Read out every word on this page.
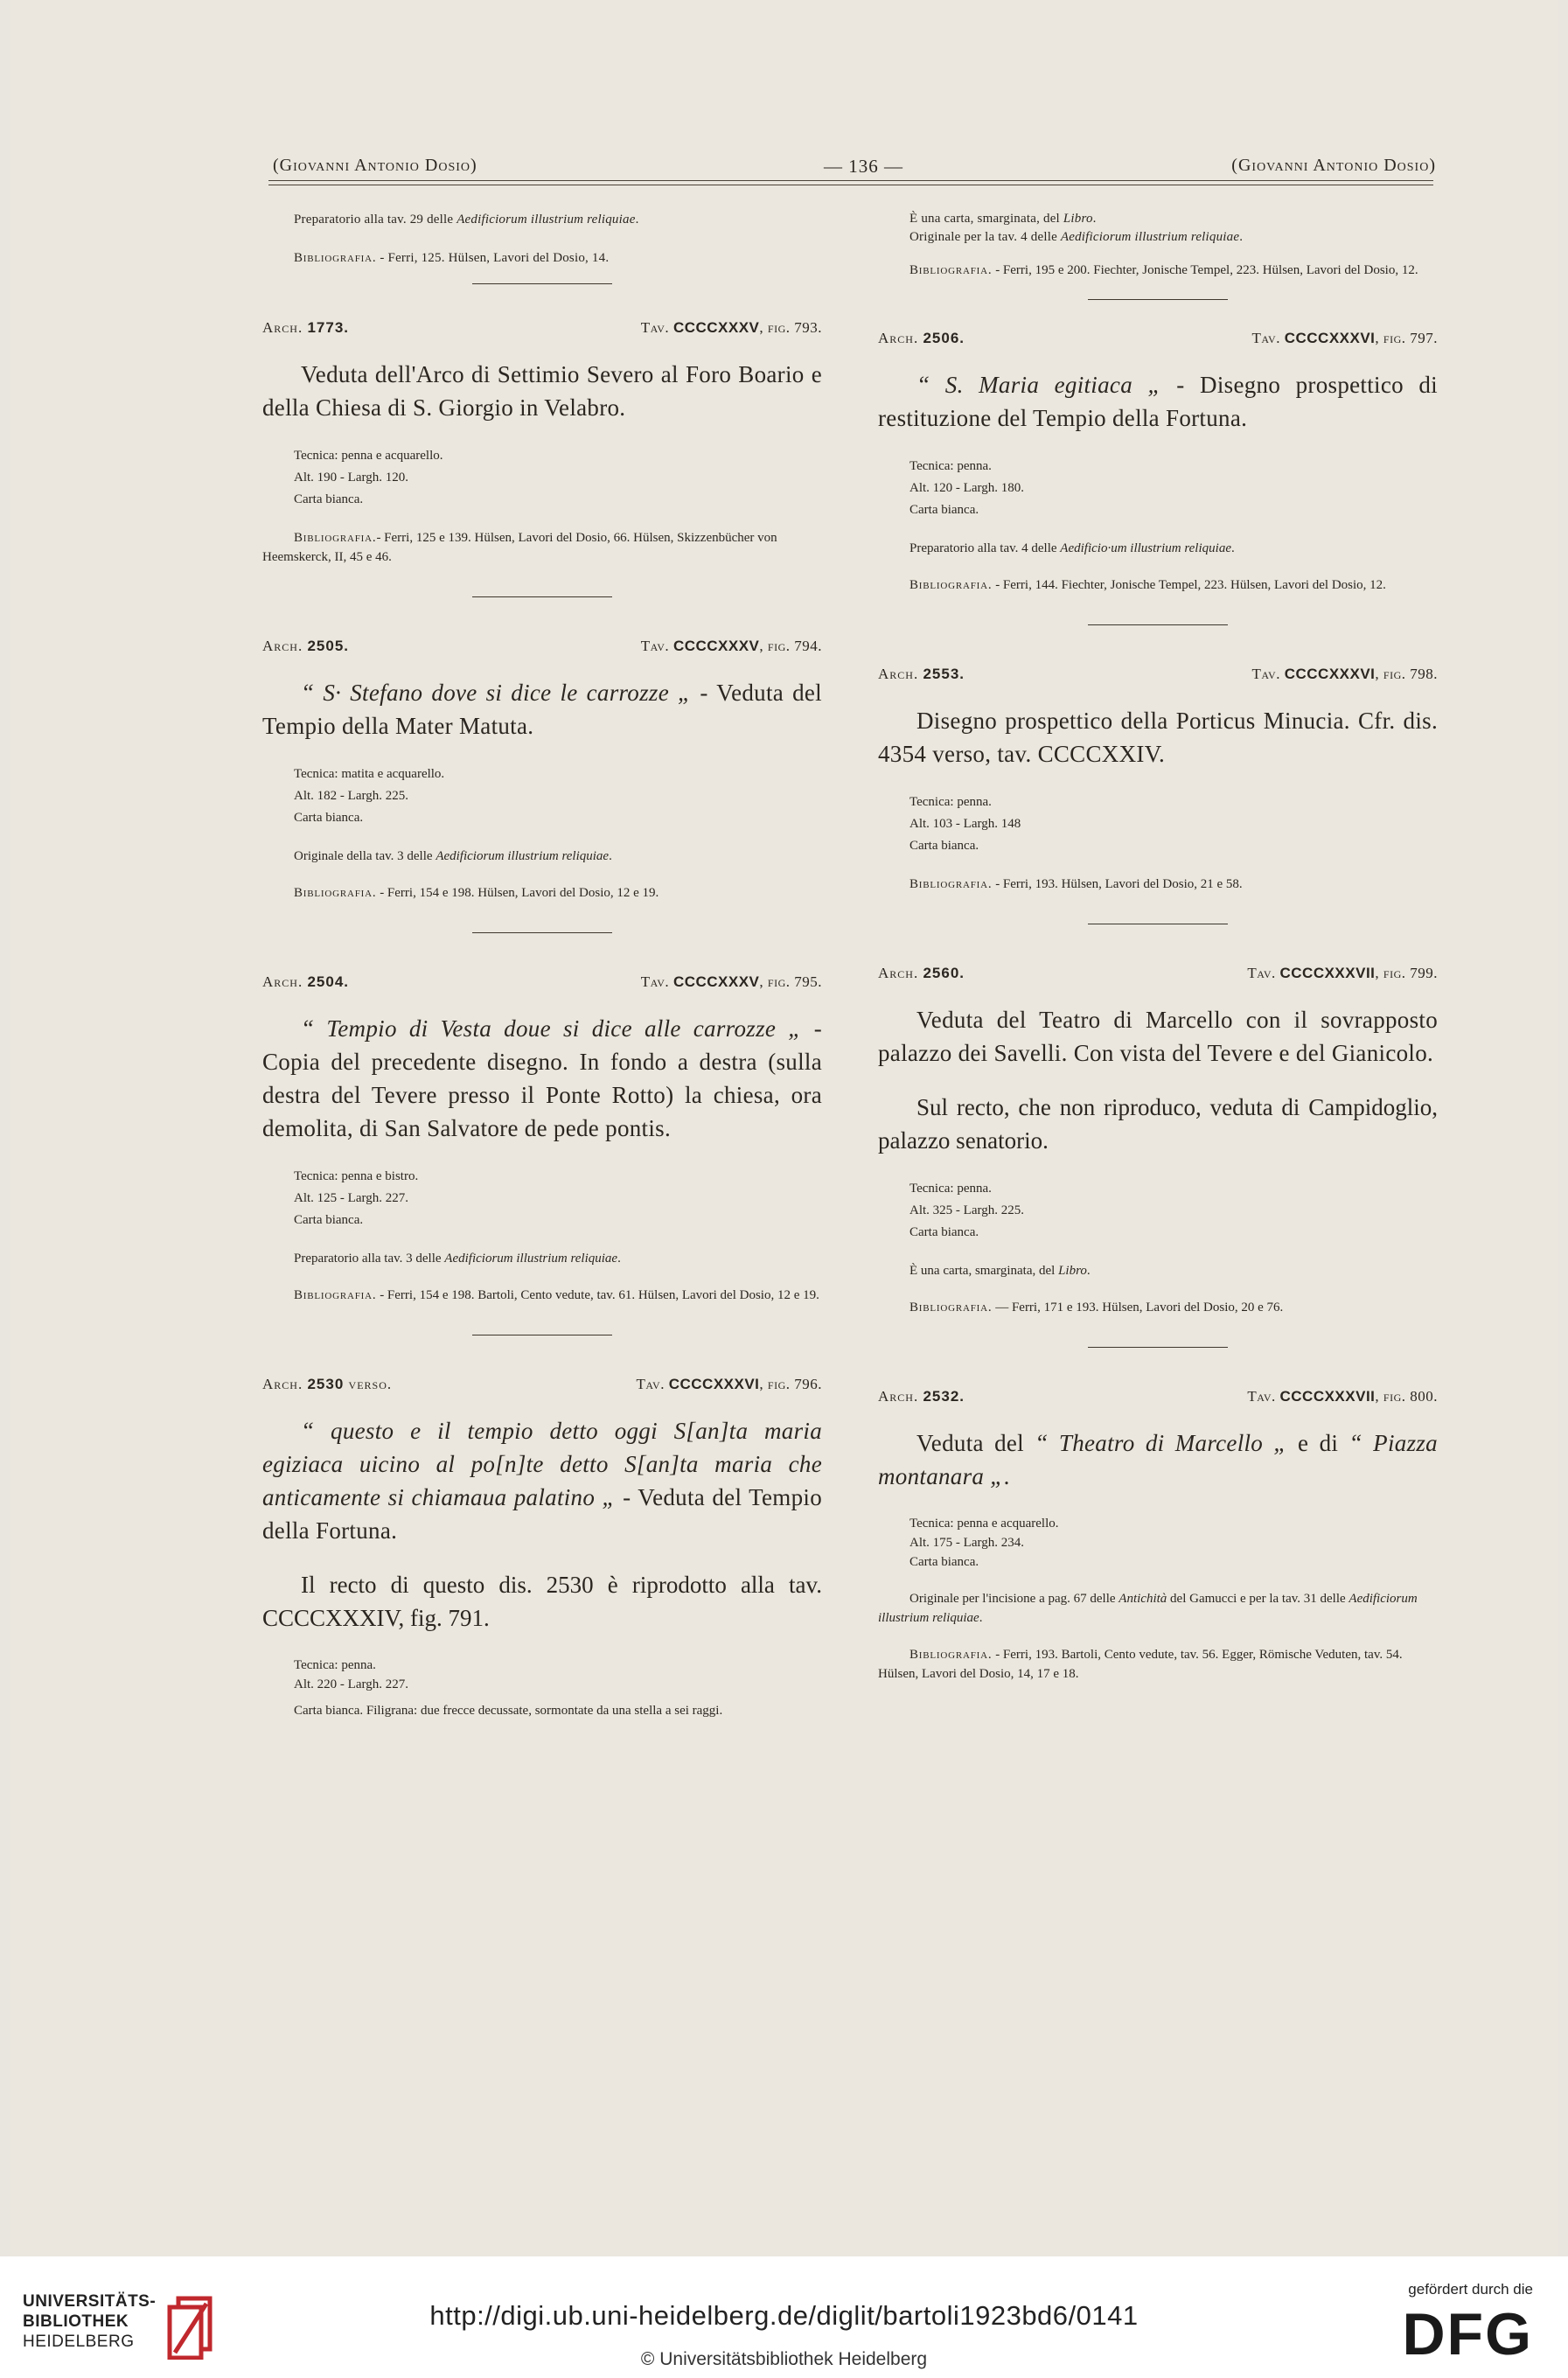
(Giovanni Antonio Dosio)	— 136 —	(Giovanni Antonio Dosio)
Preparatorio alla tav. 29 delle Aedificiorum illustrium reliquiae.
Bibliografia. - Ferri, 125. Hülsen, Lavori del Dosio, 14.
Arch. 1773.	Tav. CCCCXXXV, fig. 793.
Veduta dell'Arco di Settimio Severo al Foro Boario e della Chiesa di S. Giorgio in Velabro.
Tecnica: penna e acquarello.
Alt. 190 - Largh. 120.
Carta bianca.
Bibliografia.- Ferri, 125 e 139. Hülsen, Lavori del Dosio, 66. Hülsen, Skizzenbücher von Heemskerck, II, 45 e 46.
Arch. 2505.	Tav. CCCCXXXV, fig. 794.
“ S· Stefano dove si dice le carrozze „ - Veduta del Tempio della Mater Matuta.
Tecnica: matita e acquarello.
Alt. 182 - Largh. 225.
Carta bianca.
Originale della tav. 3 delle Aedificiorum illustrium reliquiae.
Bibliografia. - Ferri, 154 e 198. Hülsen, Lavori del Dosio, 12 e 19.
Arch. 2504.	Tav. CCCCXXXV, fig. 795.
“ Tempio di Vesta doue si dice alle carrozze „ - Copia del precedente disegno. In fondo a destra (sulla destra del Tevere presso il Ponte Rotto) la chiesa, ora demolita, di San Salvatore de pede pontis.
Tecnica: penna e bistro.
Alt. 125 - Largh. 227.
Carta bianca.
Preparatorio alla tav. 3 delle Aedificiorum illustrium reliquiae.
Bibliografia. - Ferri, 154 e 198. Bartoli, Cento vedute, tav. 61. Hülsen, Lavori del Dosio, 12 e 19.
Arch. 2530 verso.	Tav. CCCCXXXVI, fig. 796.
“ questo e il tempio detto oggi S[an]ta maria egiziaca uicino al po[n]te detto S[an]ta maria che anticamente si chiamaua palatino „ - Veduta del Tempio della Fortuna.
Il recto di questo dis. 2530 è riprodotto alla tav. CCCCXXXIV, fig. 791.
Tecnica: penna.
Alt. 220 - Largh. 227.
Carta bianca. Filigrana: due frecce decussate, sormontate da una stella a sei raggi.
È una carta, smarginata, del Libro.
Originale per la tav. 4 delle Aedificiorum illustrium reliquiae.
Bibliografia. - Ferri, 195 e 200. Fiechter, Jonische Tempel, 223. Hülsen, Lavori del Dosio, 12.
Arch. 2506.	Tav. CCCCXXXVI, fig. 797.
“ S. Maria egitiaca „ - Disegno prospettico di restituzione del Tempio della Fortuna.
Tecnica: penna.
Alt. 120 - Largh. 180.
Carta bianca.
Preparatorio alla tav. 4 delle Aedificio·um illustrium reliquiae.
Bibliografia. - Ferri, 144. Fiechter, Jonische Tempel, 223. Hülsen, Lavori del Dosio, 12.
Arch. 2553.	Tav. CCCCXXXVI, fig. 798.
Disegno prospettico della Porticus Minucia. Cfr. dis. 4354 verso, tav. CCCCXXIV.
Tecnica: penna.
Alt. 103 - Largh. 148
Carta bianca.
Bibliografia. - Ferri, 193. Hülsen, Lavori del Dosio, 21 e 58.
Arch. 2560.	Tav. CCCCXXXVII, fig. 799.
Veduta del Teatro di Marcello con il sovrapposto palazzo dei Savelli. Con vista del Tevere e del Gianicolo.
Sul recto, che non riproduco, veduta di Campidoglio, palazzo senatorio.
Tecnica: penna.
Alt. 325 - Largh. 225.
Carta bianca.
È una carta, smarginata, del Libro.
Bibliografia. — Ferri, 171 e 193. Hülsen, Lavori del Dosio, 20 e 76.
Arch. 2532.	Tav. CCCCXXXVII, fig. 800.
Veduta del “ Theatro di Marcello „ e di “ Piazza montanara „.
Tecnica: penna e acquarello.
Alt. 175 - Largh. 234.
Carta bianca.
Originale per l'incisione a pag. 67 delle Antichità del Gamucci e per la tav. 31 delle Aedificiorum illustrium reliquiae.
Bibliografia. - Ferri, 193. Bartoli, Cento vedute, tav. 56. Egger, Römische Veduten, tav. 54. Hülsen, Lavori del Dosio, 14, 17 e 18.
UNIVERSITÄTS-
BIBLIOTHEK
HEIDELBERG
http://digi.ub.uni-heidelberg.de/diglit/bartoli1923bd6/0141
© Universitätsbibliothek Heidelberg
gefördert durch die
DFG
